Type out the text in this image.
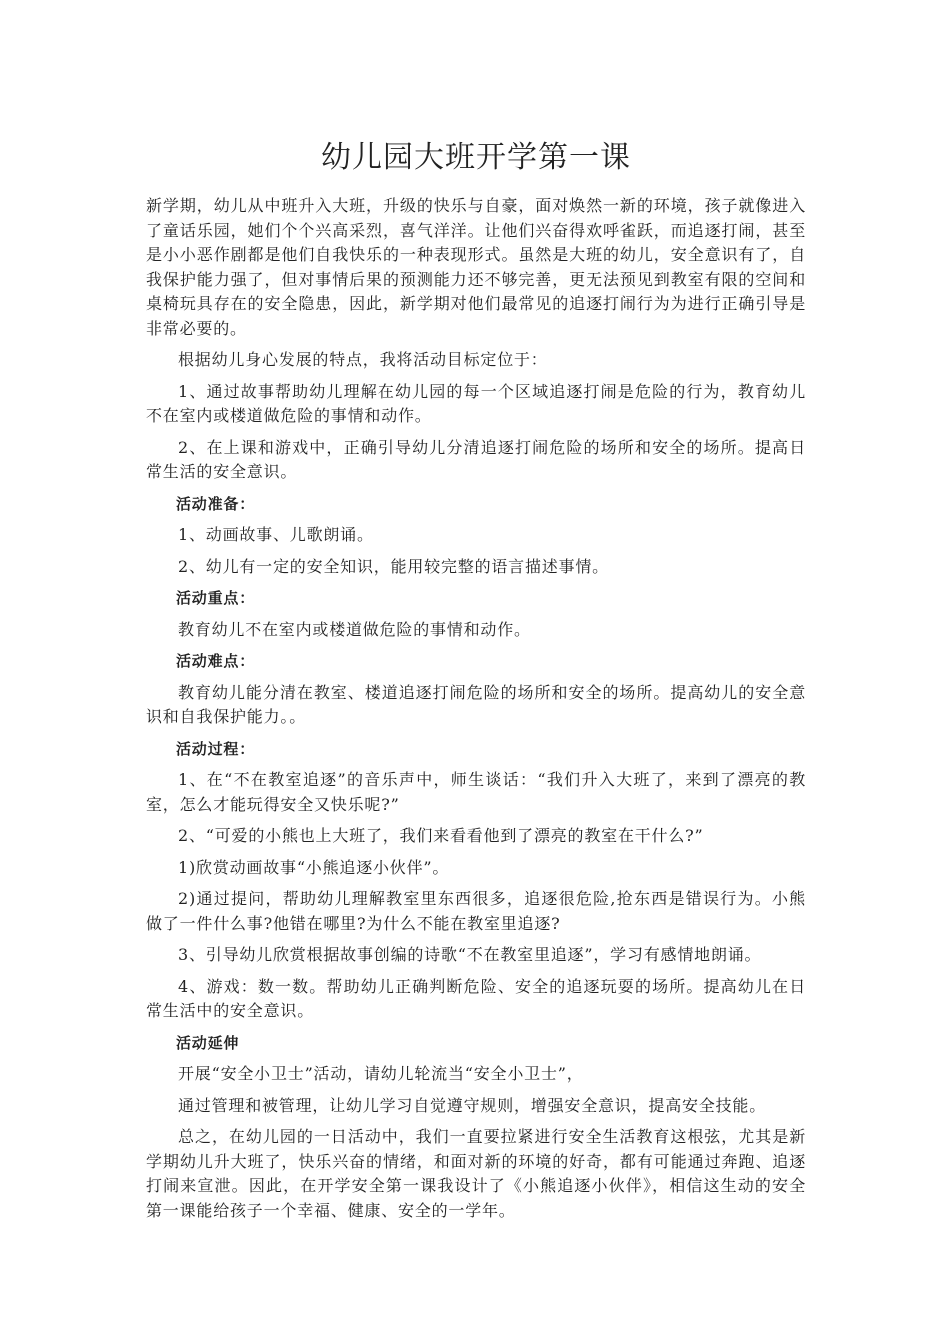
幼儿园大班开学第一课

新学期，幼儿从中班升入大班，升级的快乐与自豪，面对焕然一新的环境，孩子就像进入了童话乐园，她们个个兴高采烈，喜气洋洋。让他们兴奋得欢呼雀跃，而追逐打闹，甚至是小小恶作剧都是他们自我快乐的一种表现形式。虽然是大班的幼儿，安全意识有了，自我保护能力强了，但对事情后果的预测能力还不够完善，更无法预见到教室有限的空间和桌椅玩具存在的安全隐患，因此，新学期对他们最常见的追逐打闹行为为进行正确引导是非常必要的。

根据幼儿身心发展的特点，我将活动目标定位于：

1、通过故事帮助幼儿理解在幼儿园的每一个区域追逐打闹是危险的行为，教育幼儿不在室内或楼道做危险的事情和动作。

2、在上课和游戏中，正确引导幼儿分清追逐打闹危险的场所和安全的场所。提高日常生活的安全意识。

活动准备：

1、动画故事、儿歌朗诵。

2、幼儿有一定的安全知识，能用较完整的语言描述事情。

活动重点：

教育幼儿不在室内或楼道做危险的事情和动作。

活动难点：

教育幼儿能分清在教室、楼道追逐打闹危险的场所和安全的场所。提高幼儿的安全意识和自我保护能力。。

活动过程：

1、在“不在教室追逐”的音乐声中，师生谈话：“我们升入大班了，来到了漂亮的教室，怎么才能玩得安全又快乐呢?”

2、“可爱的小熊也上大班了，我们来看看他到了漂亮的教室在干什么?”

1)欣赏动画故事“小熊追逐小伙伴”。

2)通过提问，帮助幼儿理解教室里东西很多，追逐很危险,抢东西是错误行为。小熊做了一件什么事?他错在哪里?为什么不能在教室里追逐?

3、引导幼儿欣赏根据故事创编的诗歌“不在教室里追逐”，学习有感情地朗诵。

4、游戏：数一数。帮助幼儿正确判断危险、安全的追逐玩耍的场所。提高幼儿在日常生活中的安全意识。

活动延伸

开展“安全小卫士”活动，请幼儿轮流当“安全小卫士”，

通过管理和被管理，让幼儿学习自觉遵守规则，增强安全意识，提高安全技能。

总之，在幼儿园的一日活动中，我们一直要拉紧进行安全生活教育这根弦，尤其是新学期幼儿升大班了，快乐兴奋的情绪，和面对新的环境的好奇，都有可能通过奔跑、追逐打闹来宣泄。因此，在开学安全第一课我设计了《小熊追逐小伙伴》，相信这生动的安全第一课能给孩子一个幸福、健康、安全的一学年。
